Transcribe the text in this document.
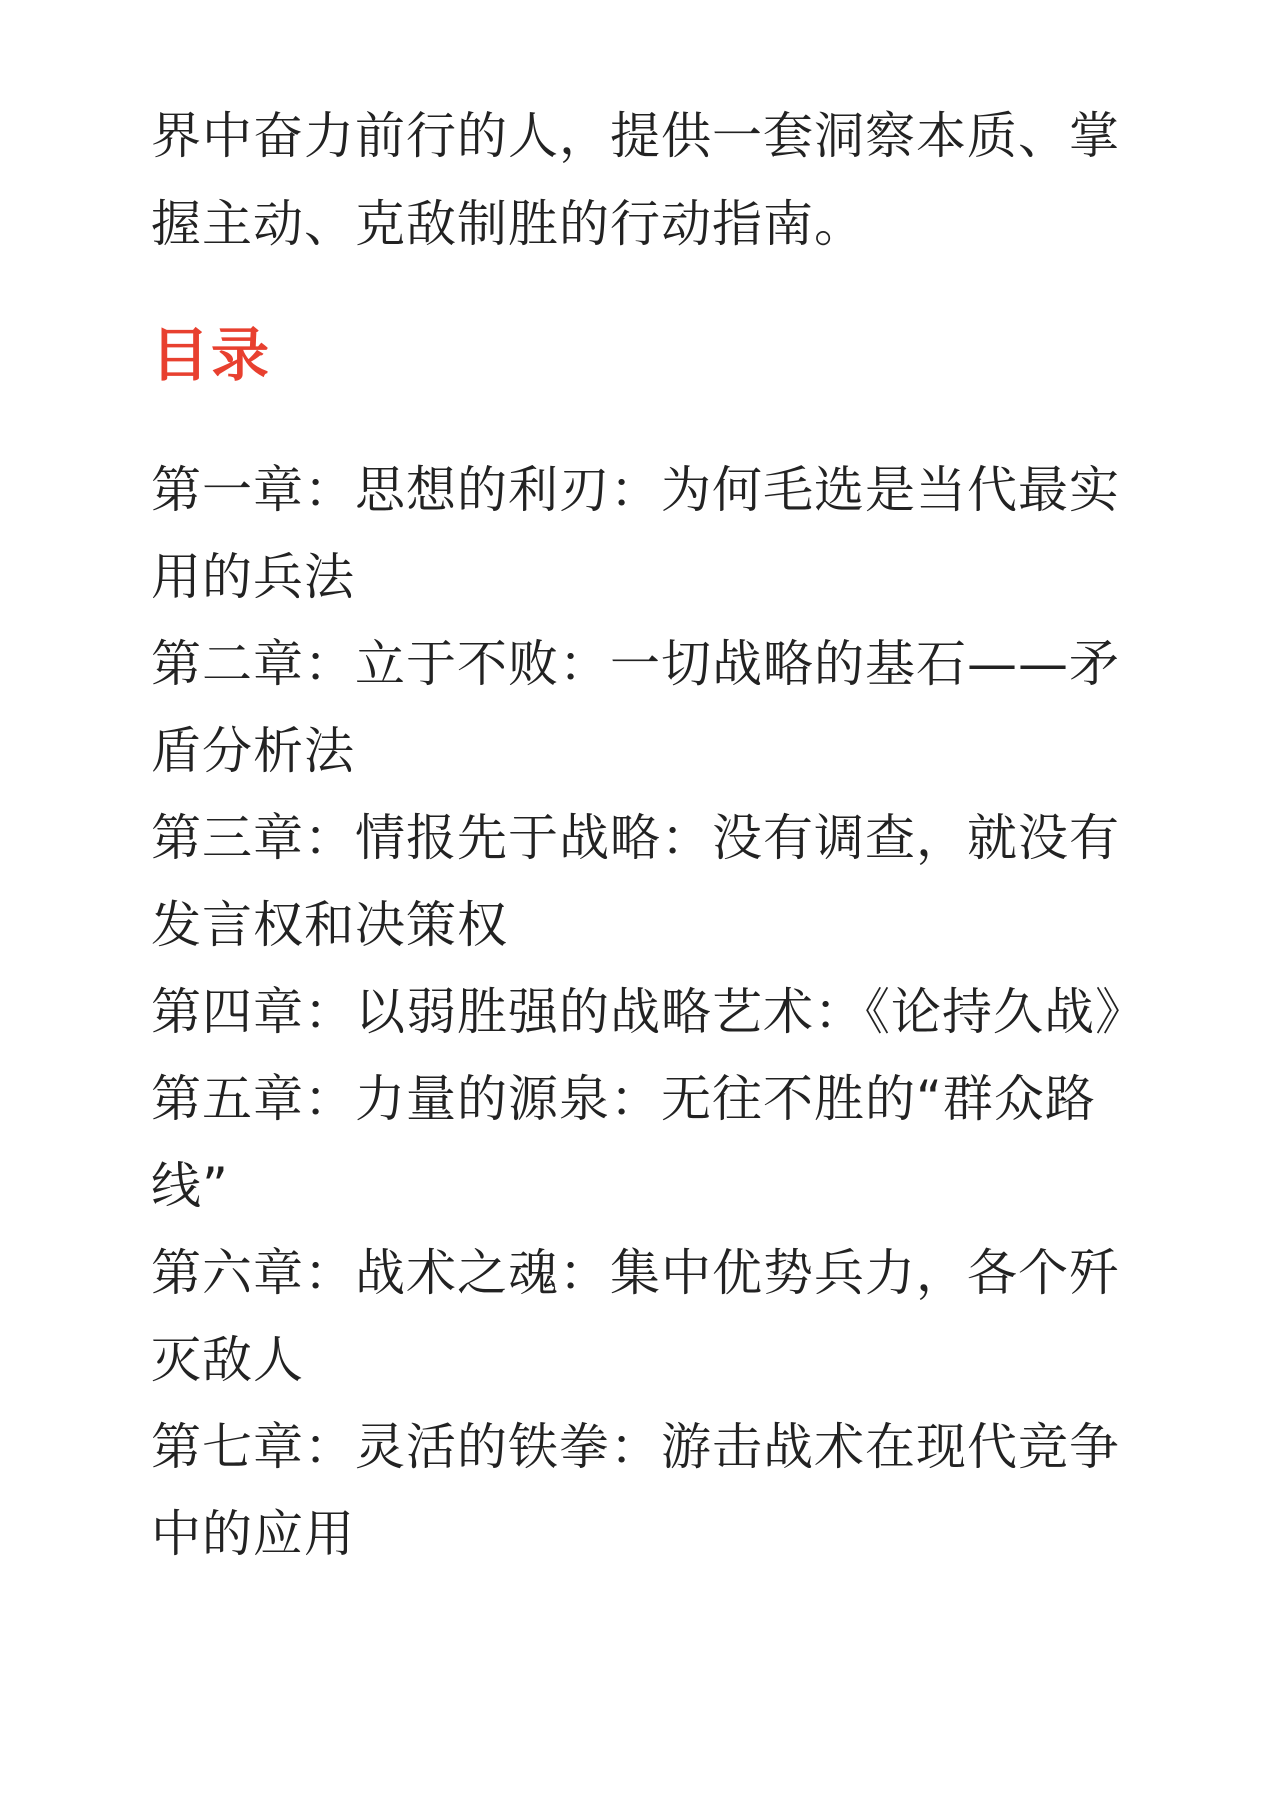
界中奋力前行的人，提供一套洞察本质、掌握主动、克敌制胜的行动指南。

目录
第一章：思想的利刃：为何毛选是当代最实用的兵法
第二章：立于不败：一切战略的基石——矛盾分析法
第三章：情报先于战略：没有调查，就没有发言权和决策权
第四章：以弱胜强的战略艺术：《论持久战》
第五章：力量的源泉：无往不胜的“群众路线”
第六章：战术之魂：集中优势兵力，各个歼灭敌人
第七章：灵活的铁拳：游击战术在现代竞争中的应用
